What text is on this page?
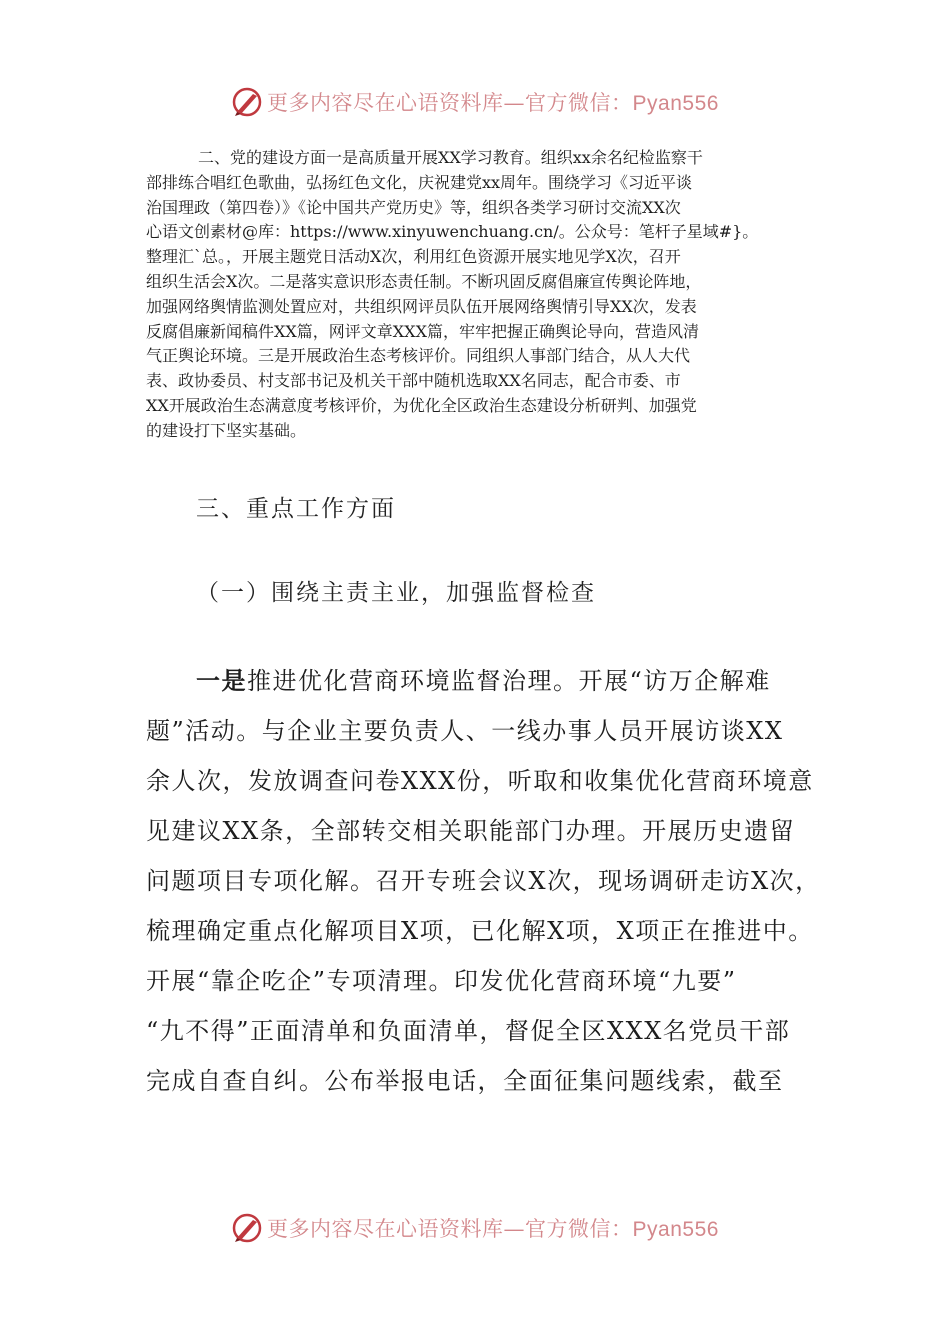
更多内容尽在心语资料库—官方微信：Pyan556
二、党的建设方面一是高质量开展XX学习教育。组织xx余名纪检监察干
部排练合唱红色歌曲，弘扬红色文化，庆祝建党xx周年。围绕学习《习近平谈
治国理政（第四卷）》《论中国共产党历史》等，组织各类学习研讨交流XX次
心语文创素材@库：https://www.xinyuwenchuang.cn/。公众号：笔杆子星域#}。
整理汇`总。，开展主题党日活动X次，利用红色资源开展实地见学X次，召开
组织生活会X次。二是落实意识形态责任制。不断巩固反腐倡廉宣传舆论阵地，
加强网络舆情监测处置应对，共组织网评员队伍开展网络舆情引导XX次，发表
反腐倡廉新闻稿件XX篇，网评文章XXX篇，牢牢把握正确舆论导向，营造风清
气正舆论环境。三是开展政治生态考核评价。同组织人事部门结合，从人大代
表、政协委员、村支部书记及机关干部中随机选取XX名同志，配合市委、市
XX开展政治生态满意度考核评价，为优化全区政治生态建设分析研判、加强党
的建设打下坚实基础。
三、重点工作方面
（一）围绕主责主业，加强监督检查
一是推进优化营商环境监督治理。开展“访万企解难
题”活动。与企业主要负责人、一线办事人员开展访谈XX
余人次，发放调查问卷XXX份，听取和收集优化营商环境意
见建议XX条，全部转交相关职能部门办理。开展历史遗留
问题项目专项化解。召开专班会议X次，现场调研走访X次，
梳理确定重点化解项目X项，已化解X项，X项正在推进中。
开展“靠企吃企”专项清理。印发优化营商环境“九要”
“九不得”正面清单和负面清单，督促全区XXX名党员干部
完成自查自纠。公布举报电话，全面征集问题线索，截至
更多内容尽在心语资料库—官方微信：Pyan556
